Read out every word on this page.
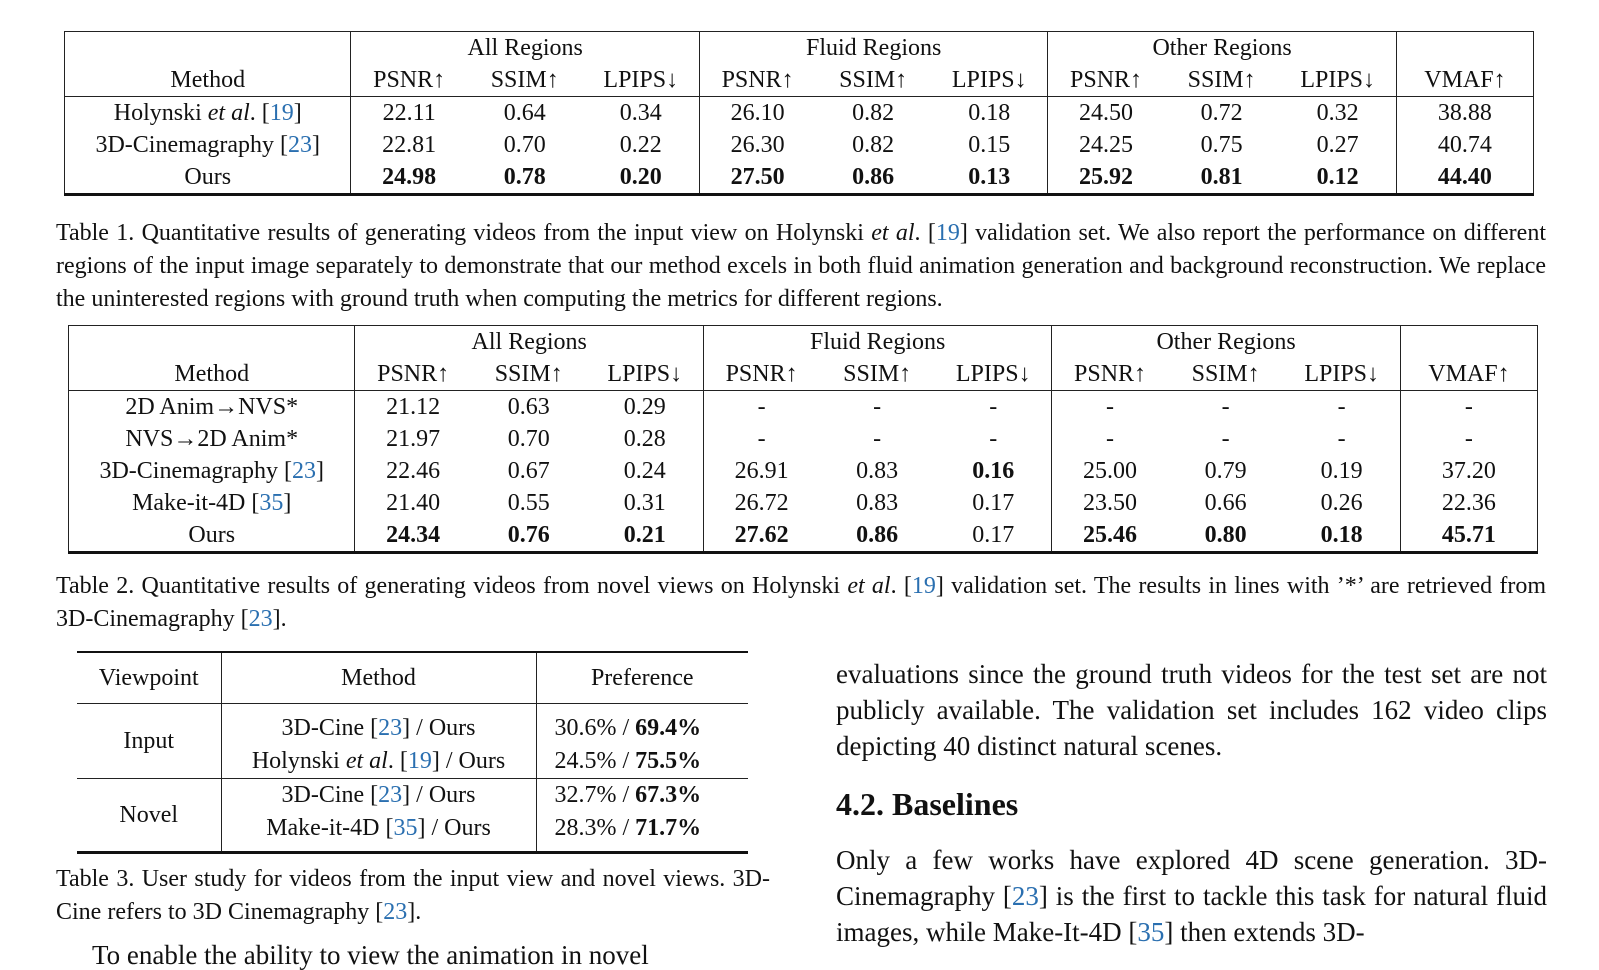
	All Regions			Fluid Regions			Other Regions			
Method	PSNR↑	SSIM↑	LPIPS↓	PSNR↑	SSIM↑	LPIPS↓	PSNR↑	SSIM↑	LPIPS↓	VMAF↑
Holynski et al. [19]	22.11	0.64	0.34	26.10	0.82	0.18	24.50	0.72	0.32	38.88
3D-Cinemagraphy [23]	22.81	0.70	0.22	26.30	0.82	0.15	24.25	0.75	0.27	40.74
Ours	24.98	0.78	0.20	27.50	0.86	0.13	25.92	0.81	0.12	44.40
Table 1. Quantitative results of generating videos from the input view on Holynski et al. [19] validation set. We also report the performance on different regions of the input image separately to demonstrate that our method excels in both fluid animation generation and background reconstruction. We replace the uninterested regions with ground truth when computing the metrics for different regions.
	All Regions			Fluid Regions			Other Regions			
Method	PSNR↑	SSIM↑	LPIPS↓	PSNR↑	SSIM↑	LPIPS↓	PSNR↑	SSIM↑	LPIPS↓	VMAF↑
2D Anim→NVS*	21.12	0.63	0.29	-	-	-	-	-	-	-
NVS→2D Anim*	21.97	0.70	0.28	-	-	-	-	-	-	-
3D-Cinemagraphy [23]	22.46	0.67	0.24	26.91	0.83	0.16	25.00	0.79	0.19	37.20
Make-it-4D [35]	21.40	0.55	0.31	26.72	0.83	0.17	23.50	0.66	0.26	22.36
Ours	24.34	0.76	0.21	27.62	0.86	0.17	25.46	0.80	0.18	45.71
Table 2. Quantitative results of generating videos from novel views on Holynski et al. [19] validation set. The results in lines with ’*’ are retrieved from 3D-Cinemagraphy [23].
Viewpoint	Method	Preference
Input	3D-Cine [23] / Ours	30.6% / 69.4%
	Holynski et al. [19] / Ours	24.5% / 75.5%
Novel	3D-Cine [23] / Ours	32.7% / 67.3%
	Make-it-4D [35] / Ours	28.3% / 71.7%
Table 3. User study for videos from the input view and novel views. 3D-Cine refers to 3D Cinemagraphy [23].
To enable the ability to view the animation in novel
evaluations since the ground truth videos for the test set are not publicly available. The validation set includes 162 video clips depicting 40 distinct natural scenes.
4.2. Baselines
Only a few works have explored 4D scene generation. 3D-Cinemagraphy [23] is the first to tackle this task for natural fluid images, while Make-It-4D [35] then extends 3D-
